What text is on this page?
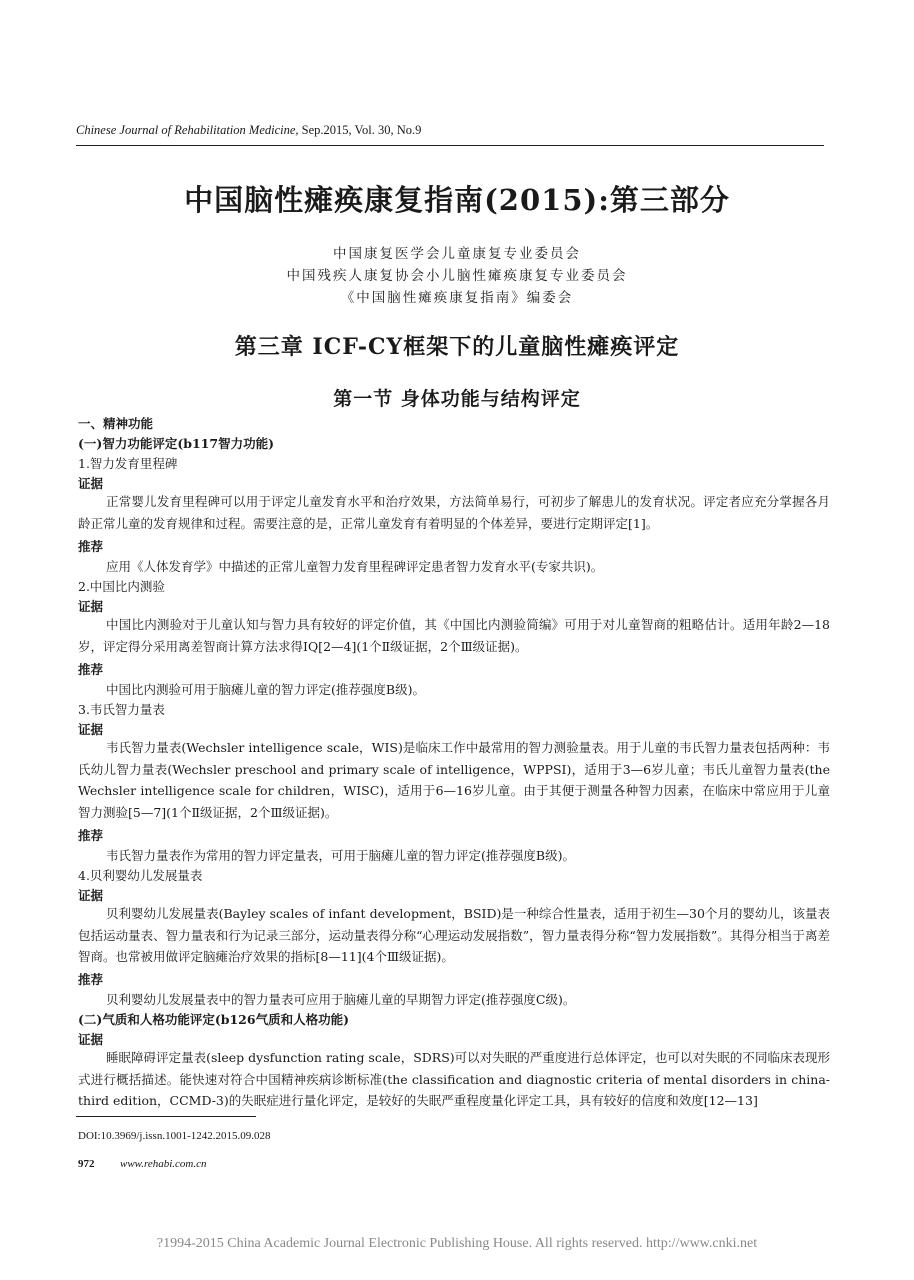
Chinese Journal of Rehabilitation Medicine, Sep.2015, Vol. 30, No.9
中国脑性瘫痪康复指南(2015):第三部分
中国康复医学会儿童康复专业委员会
中国残疾人康复协会小儿脑性瘫痪康复专业委员会
《中国脑性瘫痪康复指南》编委会
第三章 ICF-CY框架下的儿童脑性瘫痪评定
第一节 身体功能与结构评定
一、精神功能
(一)智力功能评定(b117智力功能)
1.智力发育里程碑
证据
正常婴儿发育里程碑可以用于评定儿童发育水平和治疗效果，方法简单易行，可初步了解患儿的发育状况。评定者应充分掌握各月龄正常儿童的发育规律和过程。需要注意的是，正常儿童发育有着明显的个体差异，要进行定期评定[1]。
推荐
应用《人体发育学》中描述的正常儿童智力发育里程碑评定患者智力发育水平(专家共识)。
2.中国比内测验
证据
中国比内测验对于儿童认知与智力具有较好的评定价值，其《中国比内测验简编》可用于对儿童智商的粗略估计。适用年龄2—18岁，评定得分采用离差智商计算方法求得IQ[2—4](1个Ⅱ级证据，2个Ⅲ级证据)。
推荐
中国比内测验可用于脑瘫儿童的智力评定(推荐强度B级)。
3.韦氏智力量表
证据
韦氏智力量表(Wechsler intelligence scale，WIS)是临床工作中最常用的智力测验量表。用于儿童的韦氏智力量表包括两种：韦氏幼儿智力量表(Wechsler preschool and primary scale of intelligence，WPPSI)，适用于3—6岁儿童；韦氏儿童智力量表(the Wechsler intelligence scale for children，WISC)，适用于6—16岁儿童。由于其便于测量各种智力因素，在临床中常应用于儿童智力测验[5—7](1个Ⅱ级证据，2个Ⅲ级证据)。
推荐
韦氏智力量表作为常用的智力评定量表，可用于脑瘫儿童的智力评定(推荐强度B级)。
4.贝利婴幼儿发展量表
证据
贝利婴幼儿发展量表(Bayley scales of infant development，BSID)是一种综合性量表，适用于初生—30个月的婴幼儿，该量表包括运动量表、智力量表和行为记录三部分，运动量表得分称“心理运动发展指数”，智力量表得分称“智力发展指数”。其得分相当于离差智商。也常被用做评定脑瘫治疗效果的指标[8—11](4个Ⅲ级证据)。
推荐
贝利婴幼儿发展量表中的智力量表可应用于脑瘫儿童的早期智力评定(推荐强度C级)。
(二)气质和人格功能评定(b126气质和人格功能)
证据
睡眠障碍评定量表(sleep dysfunction rating scale，SDRS)可以对失眠的严重度进行总体评定，也可以对失眠的不同临床表现形式进行概括描述。能快速对符合中国精神疾病诊断标准(the classification and diagnostic criteria of mental disorders in china-third edition，CCMD-3)的失眠症进行量化评定，是较好的失眠严重程度量化评定工具，具有较好的信度和效度[12—13]
DOI:10.3969/j.issn.1001-1242.2015.09.028
972 www.rehabi.com.cn
?1994-2015 China Academic Journal Electronic Publishing House. All rights reserved. http://www.cnki.net
